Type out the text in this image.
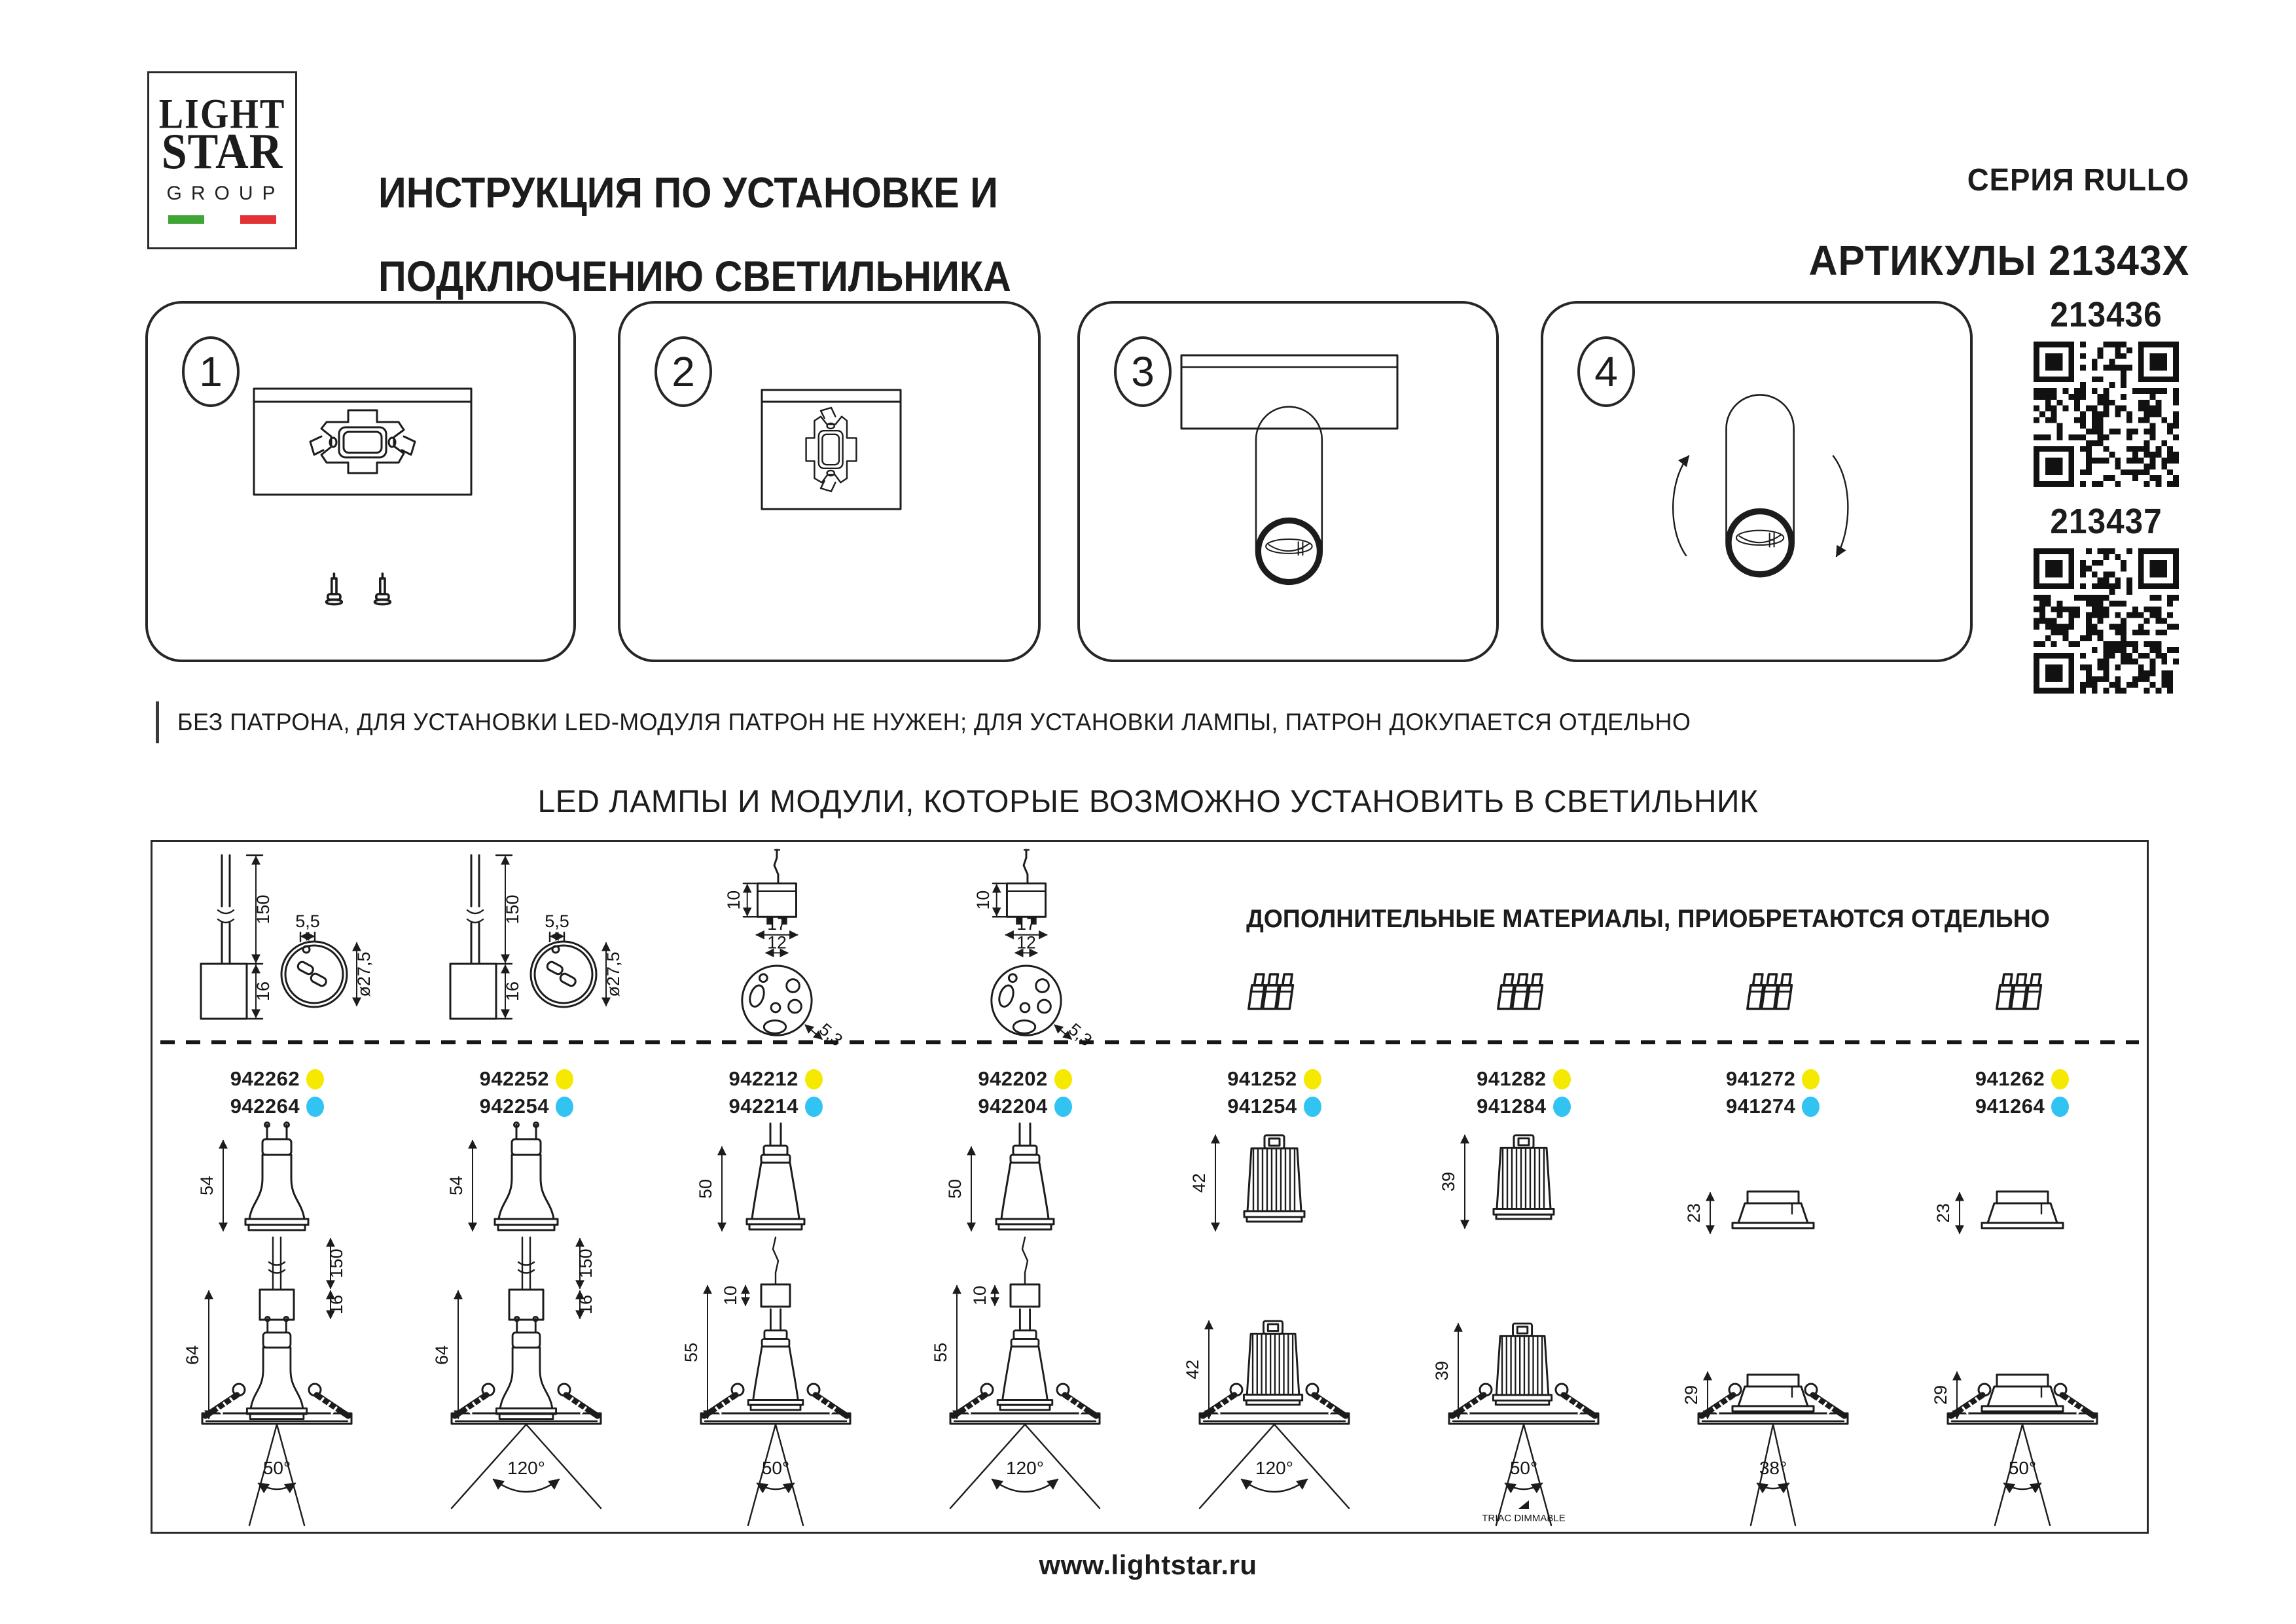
LIGHT
STAR
GROUP ИНСТРУКЦИЯ ПО УСТАНОВКЕ И
ПОДКЛЮЧЕНИЮ СВЕТИЛЬНИКА
СЕРИЯ RULLO
АРТИКУЛЫ 21343X
1	2	3	4
213436
213437
БЕЗ ПАТРОНА, ДЛЯ УСТАНОВКИ LED-МОДУЛЯ ПАТРОН НЕ НУЖЕН; ДЛЯ УСТАНОВКИ ЛАМПЫ, ПАТРОН ДОКУПАЕТСЯ ОТДЕЛЬНО
LED ЛАМПЫ И МОДУЛИ, КОТОРЫЕ ВОЗМОЖНО УСТАНОВИТЬ В СВЕТИЛЬНИК
ДОПОЛНИТЕЛЬНЫЕ МАТЕРИАЛЫ, ПРИОБРЕТАЮТСЯ ОТДЕЛЬНО
942262
942264
54
150
16
64
50°
942252
942254
54
150
16
64
120°
942212
942214
50
10
55
50°
942202
942204
50
10
55
120°
941252
941254
42
42
120°
941282
941284
39
39
50°
TRIAC DIMMABLE
941272
941274
23
29
38°
941262
941264
23
29
50°
www.lightstar.ru
